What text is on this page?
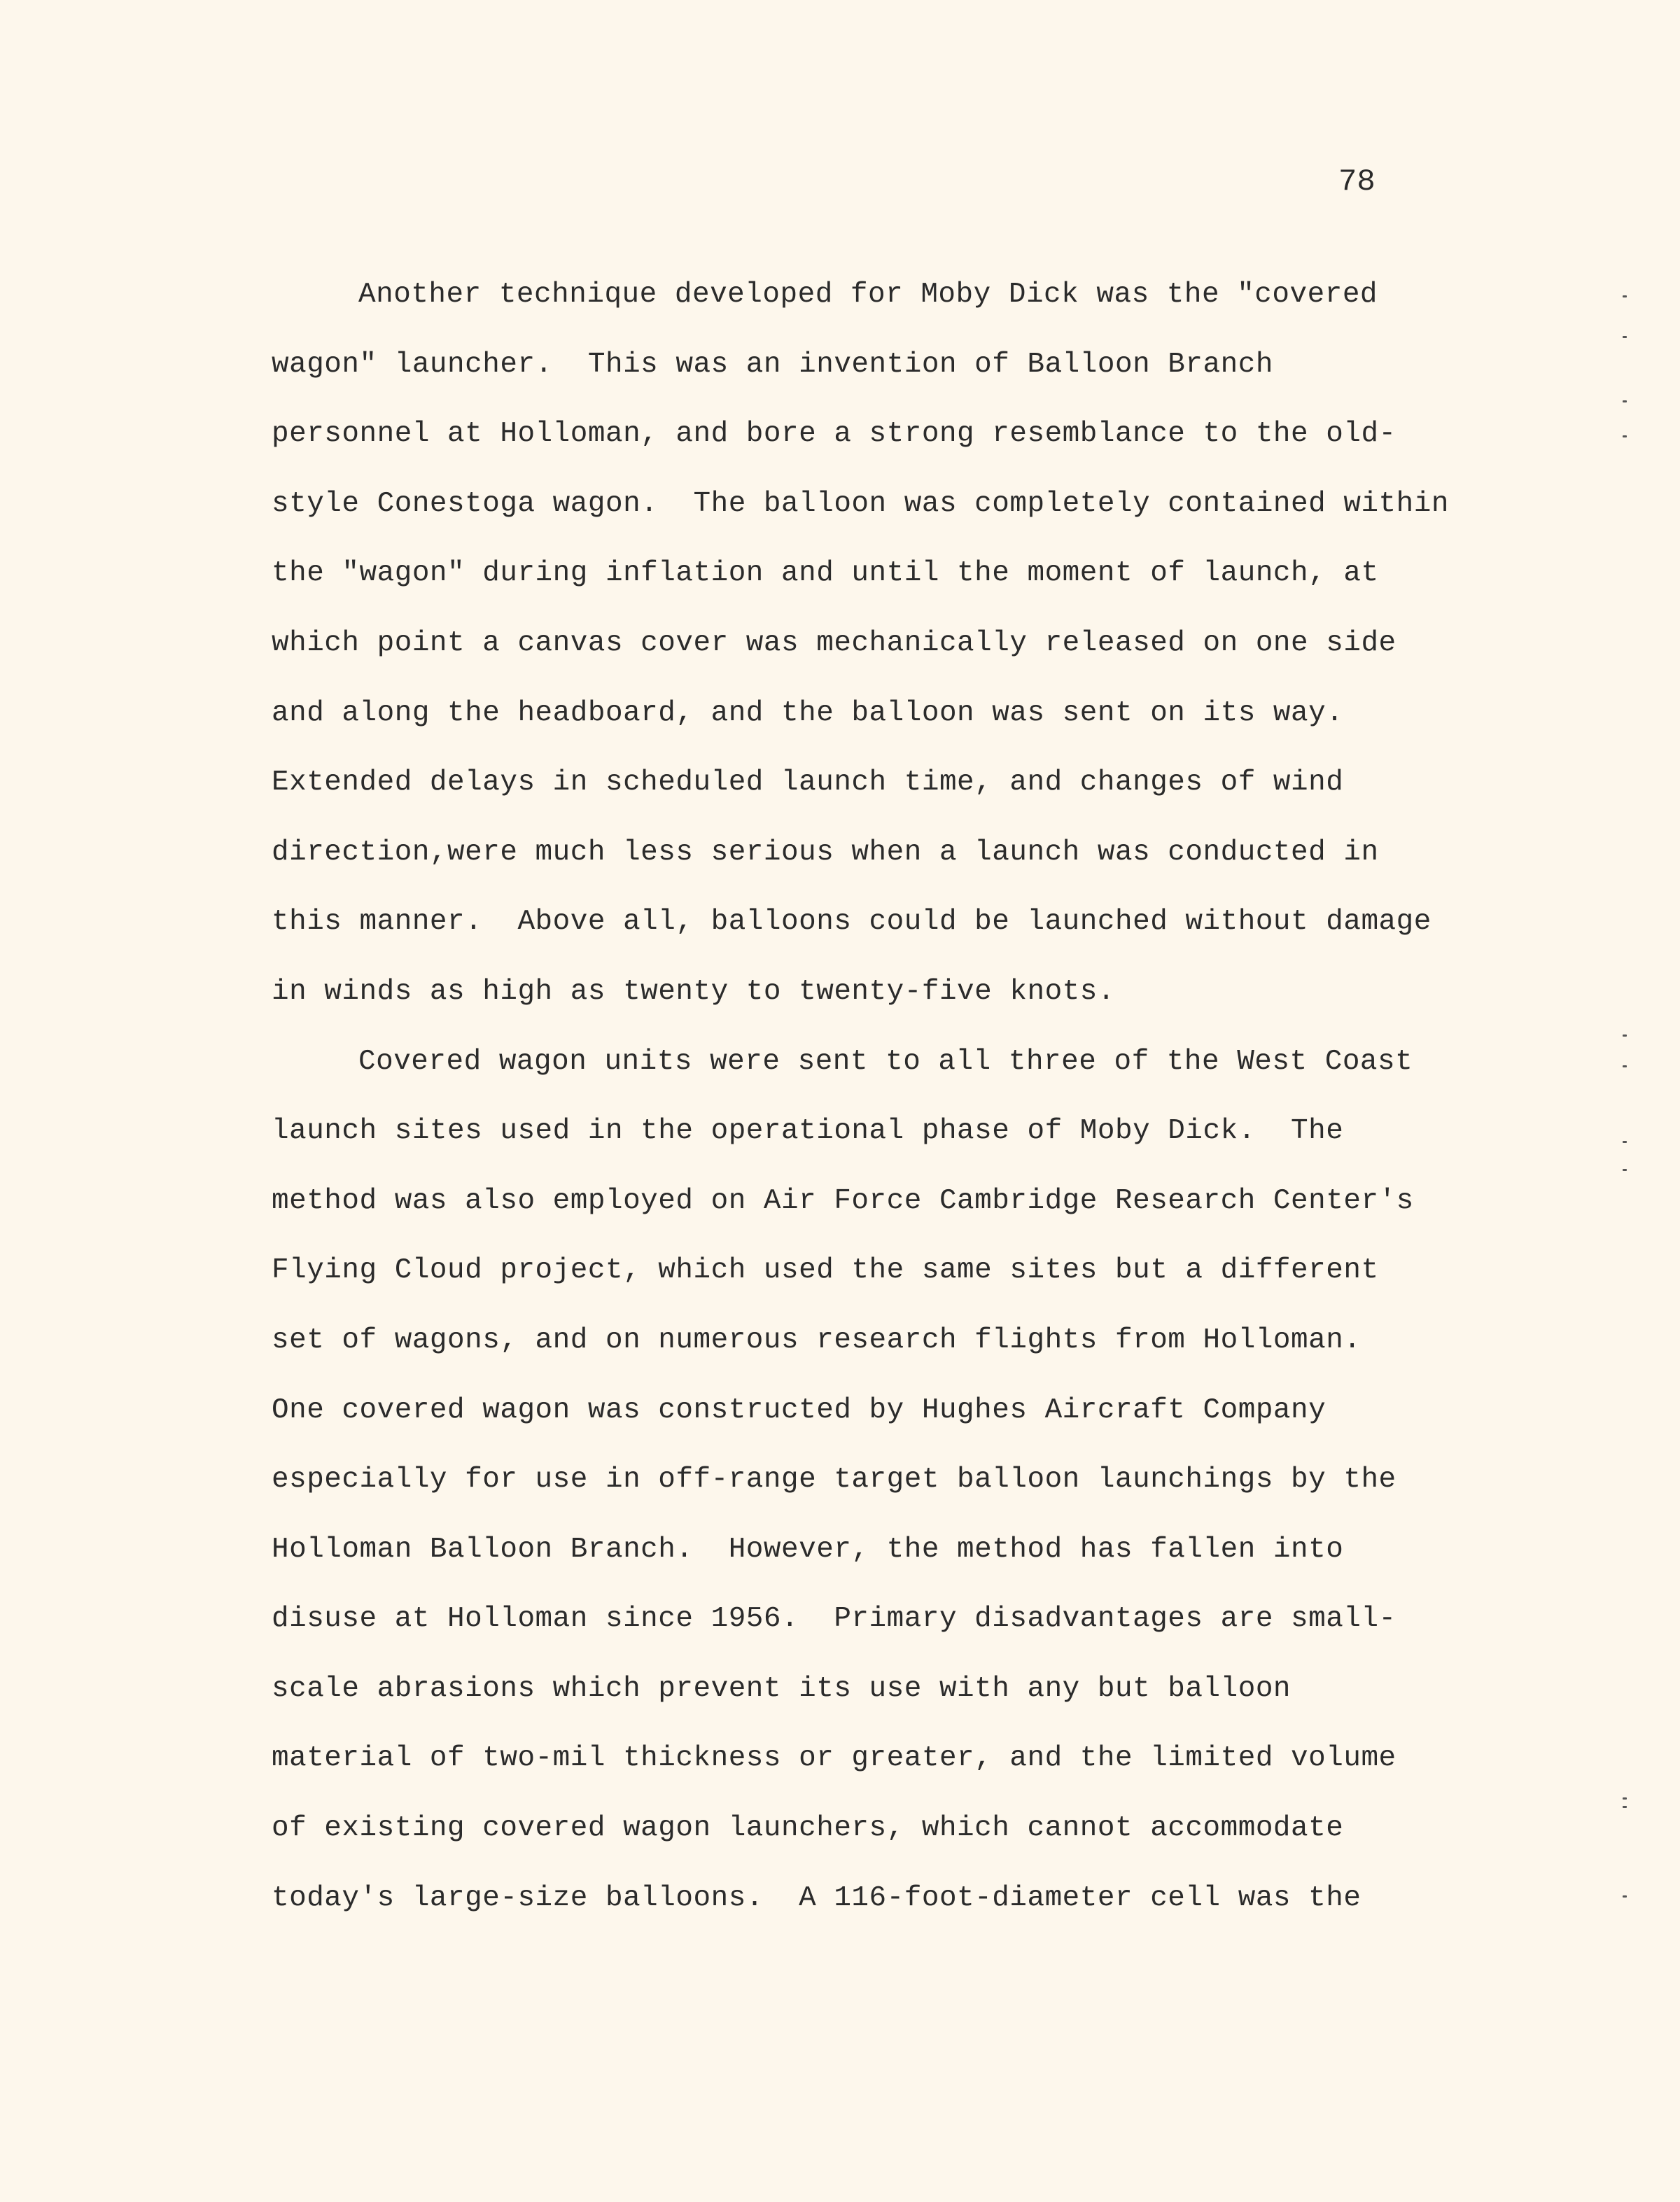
78
Another technique developed for Moby Dick was the "covered
wagon" launcher.  This was an invention of Balloon Branch
personnel at Holloman, and bore a strong resemblance to the old-
style Conestoga wagon.  The balloon was completely contained within
the "wagon" during inflation and until the moment of launch, at
which point a canvas cover was mechanically released on one side
and along the headboard, and the balloon was sent on its way.
Extended delays in scheduled launch time, and changes of wind
direction,were much less serious when a launch was conducted in
this manner.  Above all, balloons could be launched without damage
in winds as high as twenty to twenty-five knots.
Covered wagon units were sent to all three of the West Coast
launch sites used in the operational phase of Moby Dick.  The
method was also employed on Air Force Cambridge Research Center's
Flying Cloud project, which used the same sites but a different
set of wagons, and on numerous research flights from Holloman.
One covered wagon was constructed by Hughes Aircraft Company
especially for use in off-range target balloon launchings by the
Holloman Balloon Branch.  However, the method has fallen into
disuse at Holloman since 1956.  Primary disadvantages are small-
scale abrasions which prevent its use with any but balloon
material of two-mil thickness or greater, and the limited volume
of existing covered wagon launchers, which cannot accommodate
today's large-size balloons.  A 116-foot-diameter cell was the
